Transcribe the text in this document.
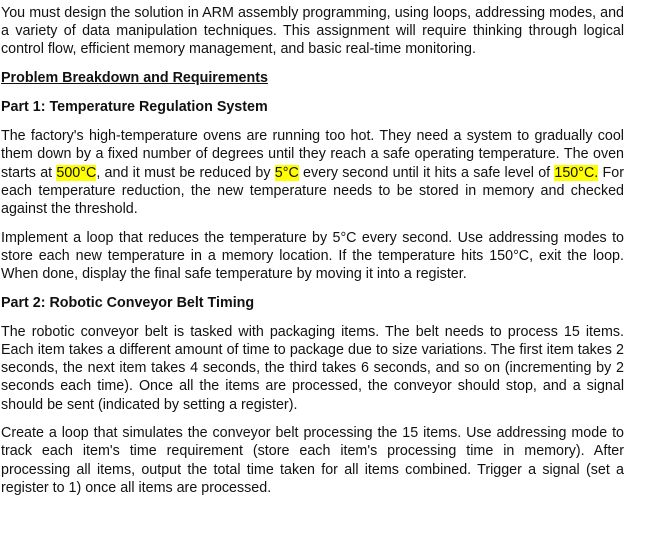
You must design the solution in ARM assembly programming, using loops, addressing modes, and a variety of data manipulation techniques. This assignment will require thinking through logical control flow, efficient memory management, and basic real-time monitoring.

Problem Breakdown and Requirements
Part 1: Temperature Regulation System

The factory's high-temperature ovens are running too hot. They need a system to gradually cool them down by a fixed number of degrees until they reach a safe operating temperature. The oven starts at 500°C, and it must be reduced by 5°C every second until it hits a safe level of 150°C. For each temperature reduction, the new temperature needs to be stored in memory and checked against the threshold.

Implement a loop that reduces the temperature by 5°C every second. Use addressing modes to store each new temperature in a memory location. If the temperature hits 150°C, exit the loop. When done, display the final safe temperature by moving it into a register.

Part 2: Robotic Conveyor Belt Timing

The robotic conveyor belt is tasked with packaging items. The belt needs to process 15 items. Each item takes a different amount of time to package due to size variations. The first item takes 2 seconds, the next item takes 4 seconds, the third takes 6 seconds, and so on (incrementing by 2 seconds each time). Once all the items are processed, the conveyor should stop, and a signal should be sent (indicated by setting a register).

Create a loop that simulates the conveyor belt processing the 15 items. Use addressing mode to track each item's time requirement (store each item's processing time in memory). After processing all items, output the total time taken for all items combined. Trigger a signal (set a register to 1) once all items are processed.
